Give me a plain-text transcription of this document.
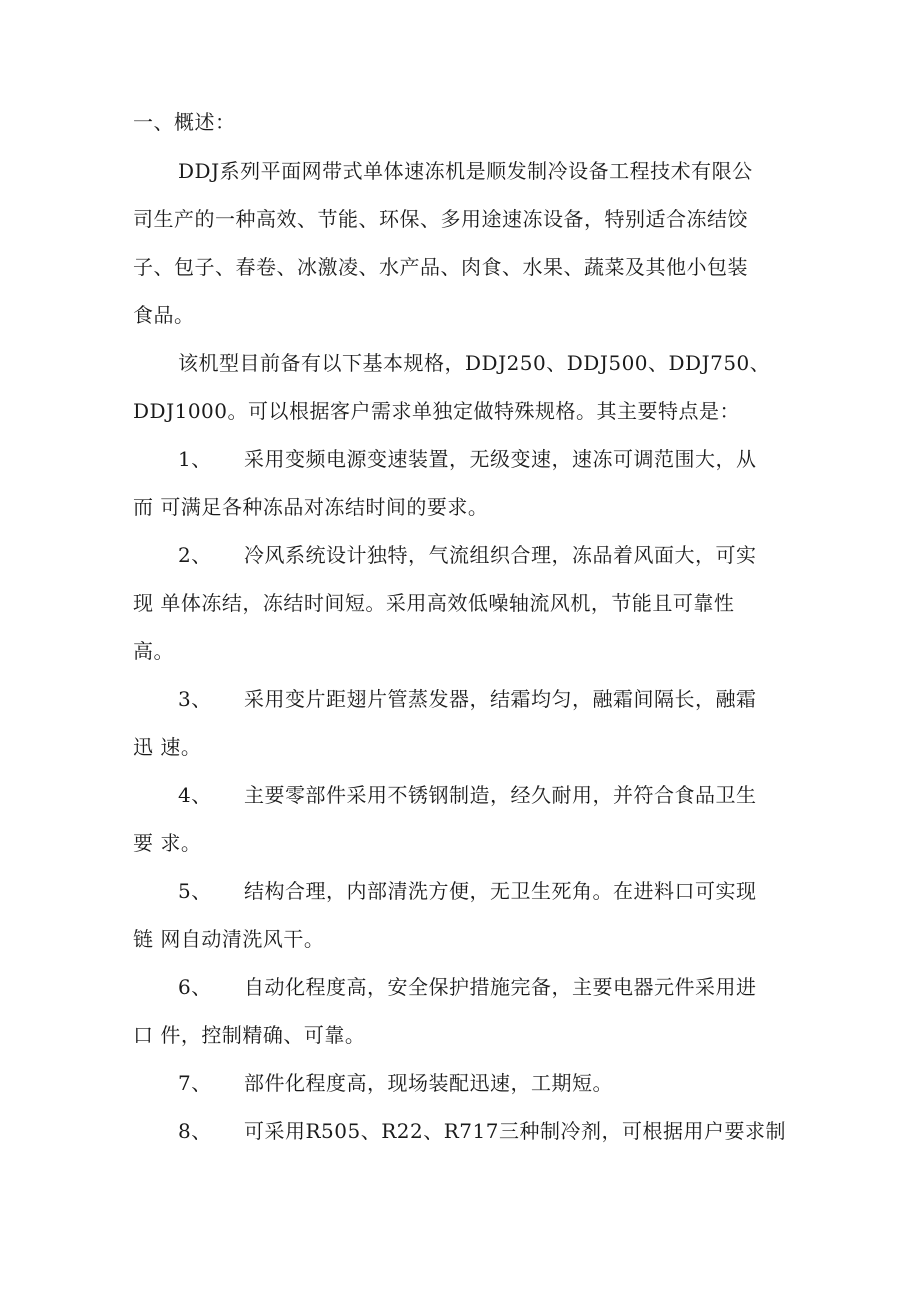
一、概述：
DDJ系列平面网带式单体速冻机是顺发制冷设备工程技术有限公
司生产的一种高效、节能、环保、多用途速冻设备，特别适合冻结饺
子、包子、春卷、冰激凌、水产品、肉食、水果、蔬菜及其他小包装
食品。
该机型目前备有以下基本规格，DDJ250、DDJ500、DDJ750、
DDJ1000。可以根据客户需求单独定做特殊规格。其主要特点是：
1、 采用变频电源变速装置，无级变速，速冻可调范围大，从
而 可满足各种冻品对冻结时间的要求。
2、 冷风系统设计独特，气流组织合理，冻品着风面大，可实
现 单体冻结，冻结时间短。采用高效低噪轴流风机，节能且可靠性
高。
3、 采用变片距翅片管蒸发器，结霜均匀，融霜间隔长，融霜
迅 速。
4、 主要零部件采用不锈钢制造，经久耐用，并符合食品卫生
要 求。
5、 结构合理，内部清洗方便，无卫生死角。在进料口可实现
链 网自动清洗风干。
6、 自动化程度高，安全保护措施完备，主要电器元件采用进
口 件，控制精确、可靠。
7、 部件化程度高，现场装配迅速，工期短。
8、 可采用R505、R22、R717三种制冷剂，可根据用户要求制
